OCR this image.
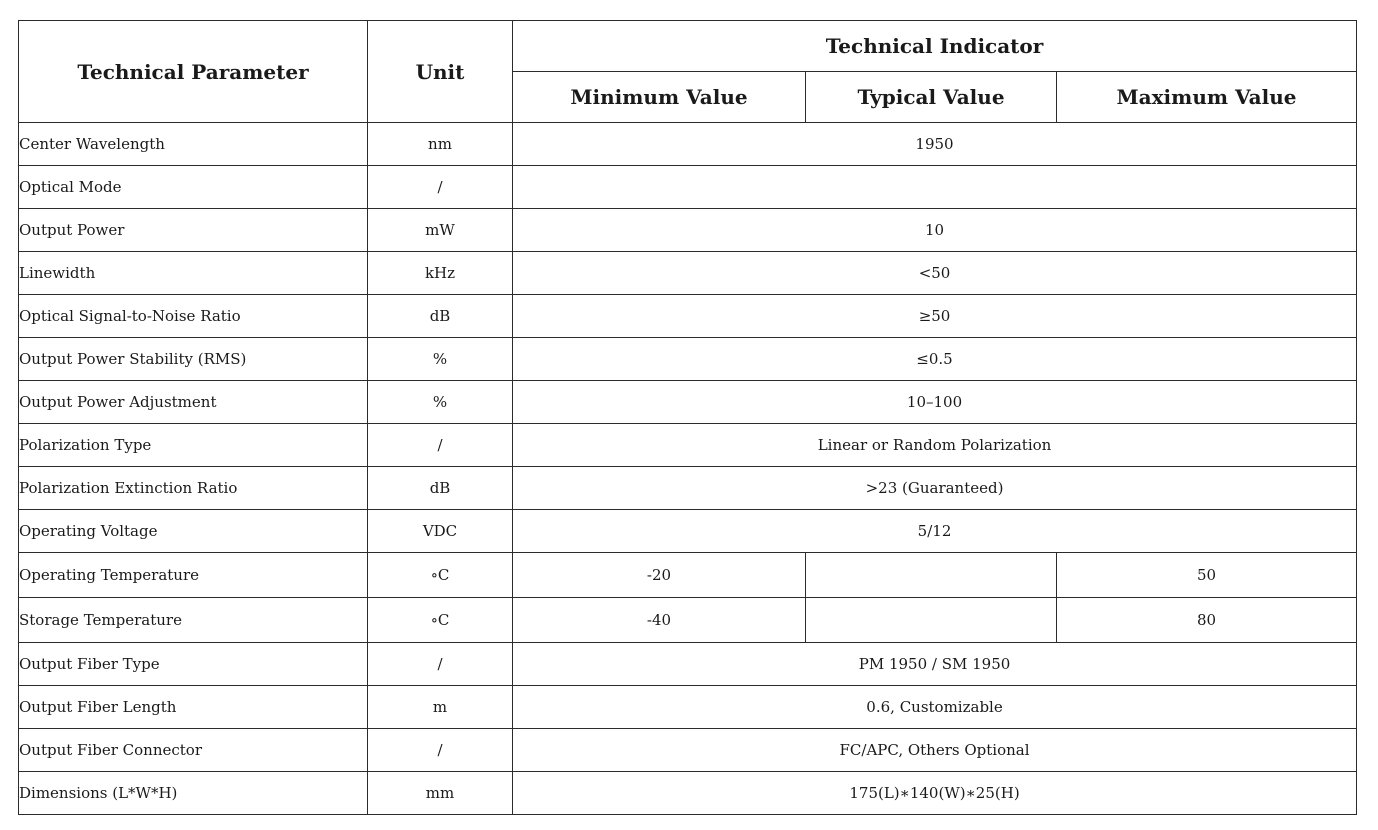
Technical Parameter	Unit	Technical Indicator		
		Minimum Value	Typical Value	Maximum Value
Center Wavelength	nm	1950		
Optical Mode	/			
Output Power	mW	10		
Linewidth	kHz	<50		
Optical Signal-to-Noise Ratio	dB	≥50		
Output Power Stability (RMS)	%	≤0.5		
Output Power Adjustment	%	10–100		
Polarization Type	/	Linear or Random Polarization		
Polarization Extinction Ratio	dB	>23 (Guaranteed)		
Operating Voltage	VDC	5/12		
Operating Temperature	∘C	-20		50
Storage Temperature	∘C	-40		80
Output Fiber Type	/	PM 1950 / SM 1950		
Output Fiber Length	m	0.6, Customizable		
Output Fiber Connector	/	FC/APC, Others Optional		
Dimensions (L*W*H)	mm	175(L)∗140(W)∗25(H)		
